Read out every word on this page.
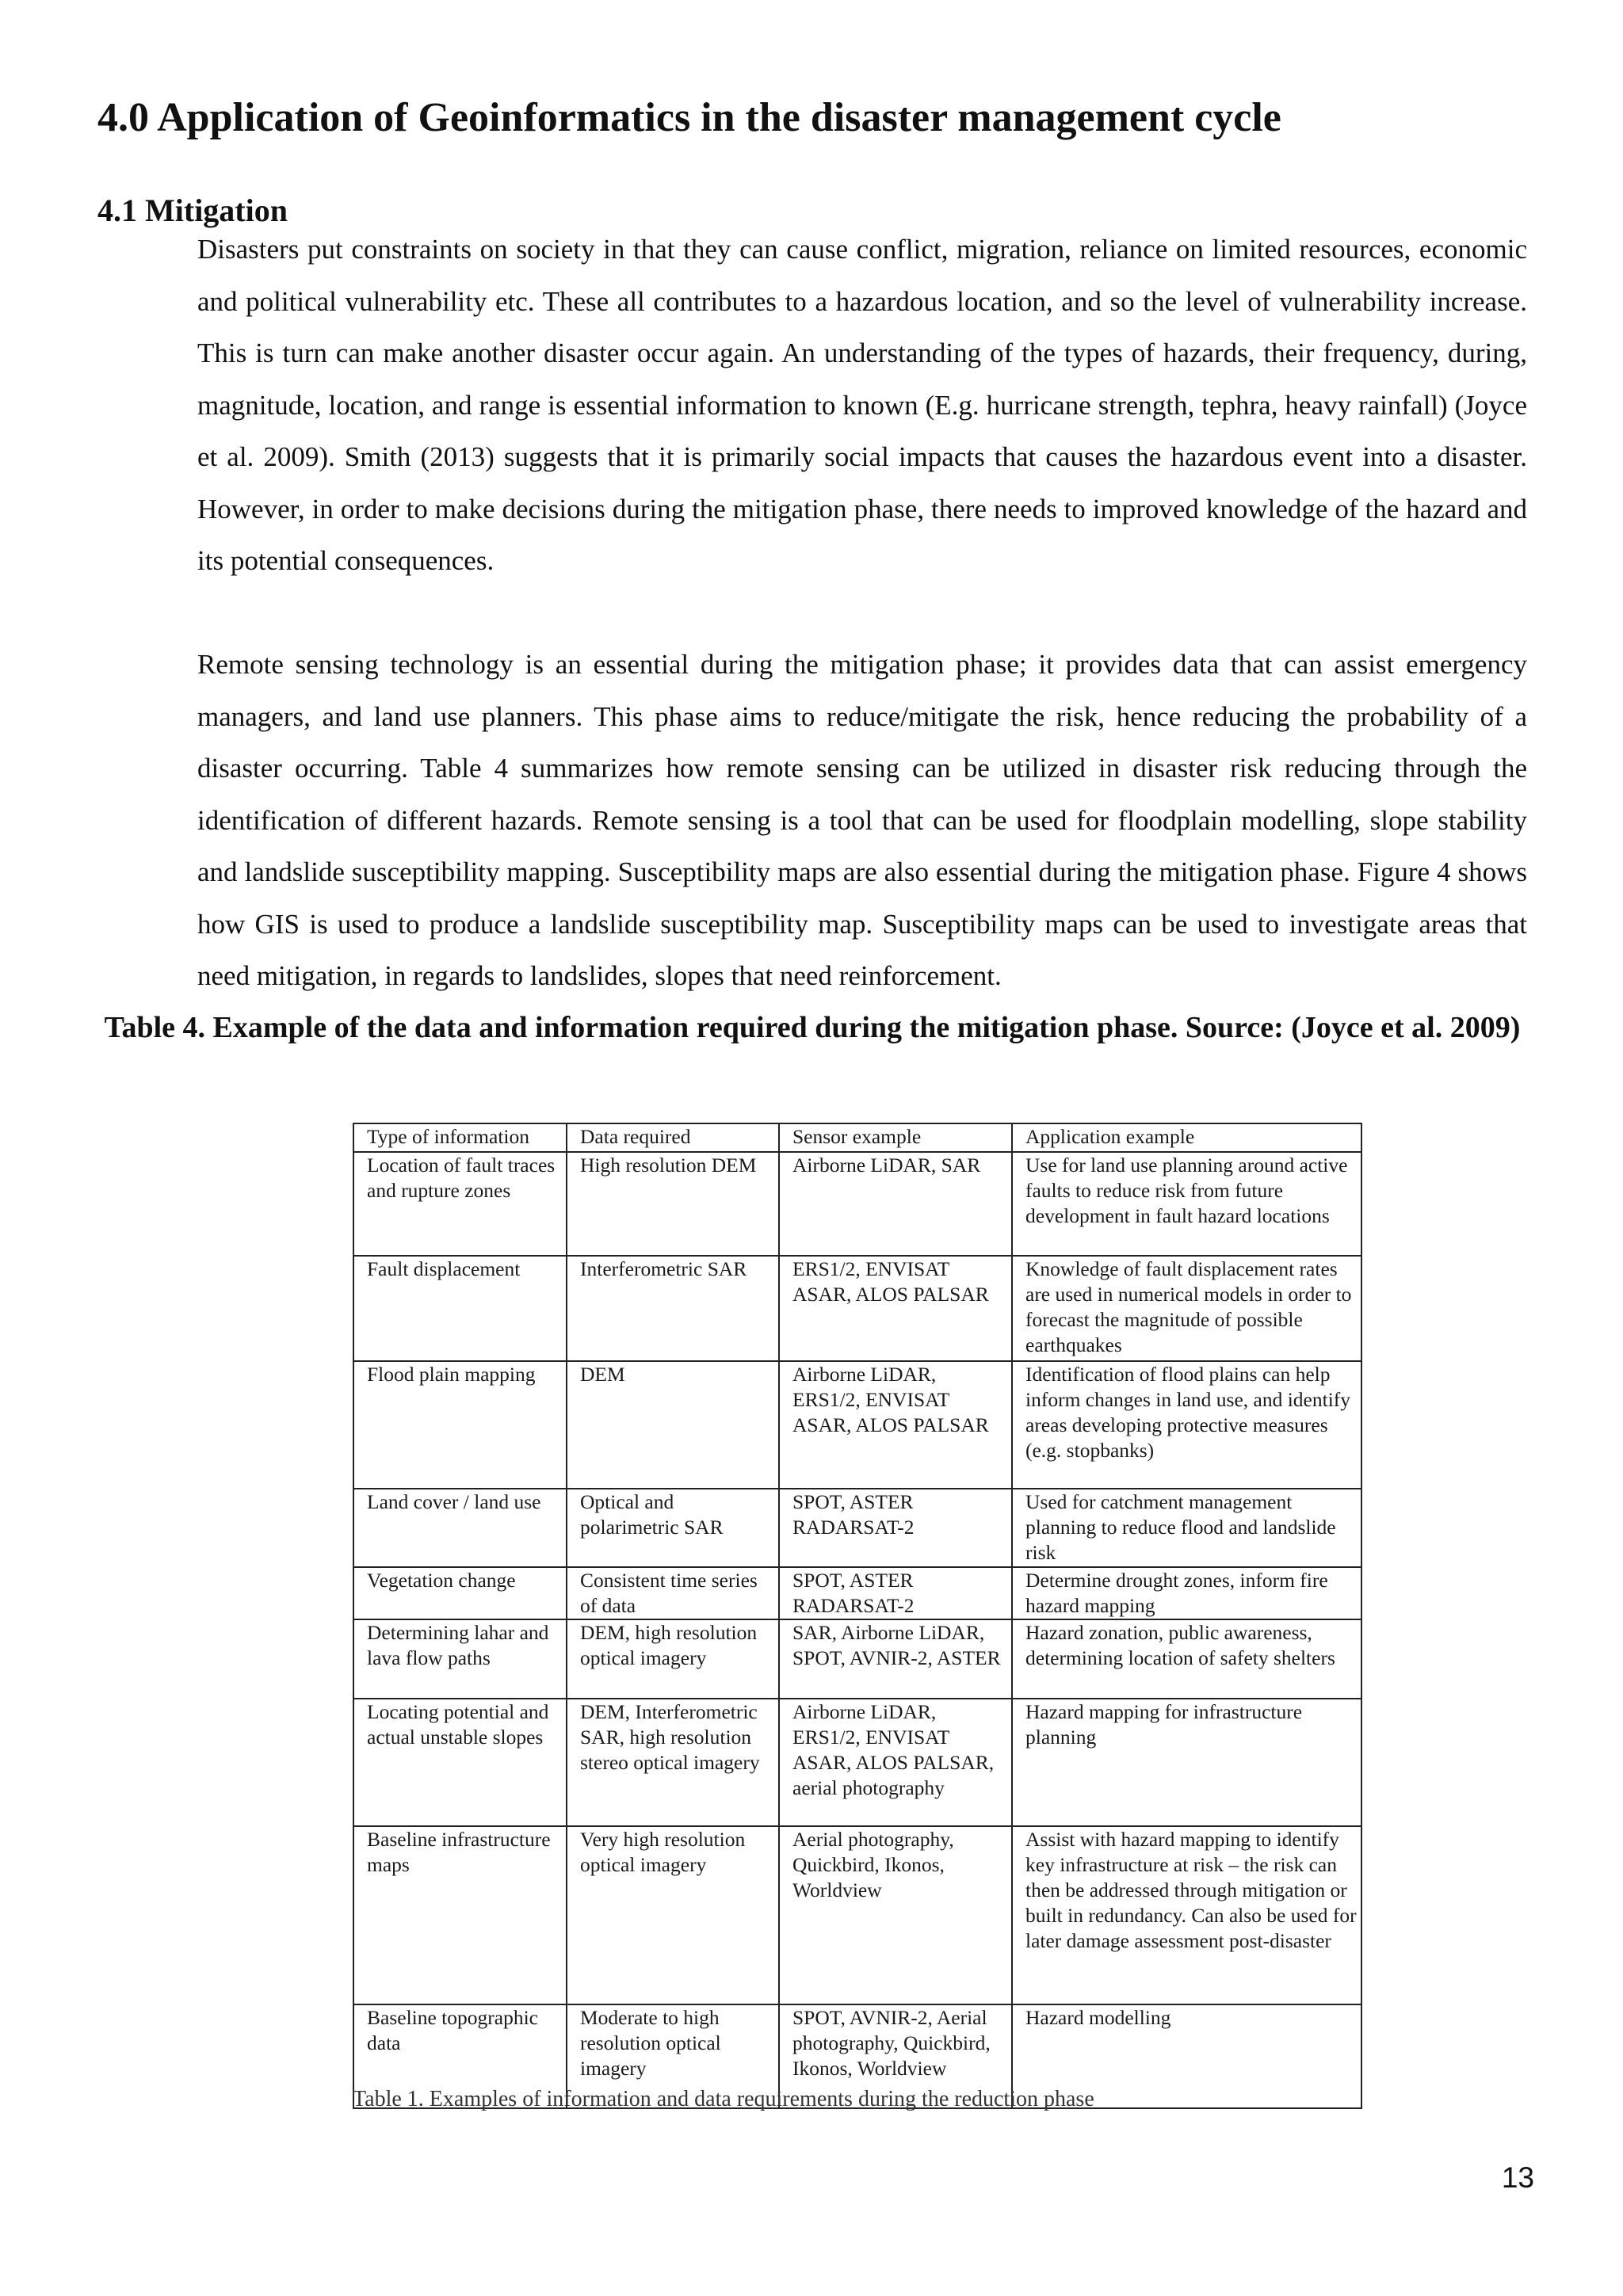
4.0 Application of Geoinformatics in the disaster management cycle
4.1 Mitigation

Disasters put constraints on society in that they can cause conflict, migration, reliance on limited resources, economic and political vulnerability etc. These all contributes to a hazardous location, and so the level of vulnerability increase. This is turn can make another disaster occur again. An understanding of the types of hazards, their frequency, during, magnitude, location, and range is essential information to known (E.g. hurricane strength, tephra, heavy rainfall) (Joyce et al. 2009). Smith (2013) suggests that it is primarily social impacts that causes the hazardous event into a disaster. However, in order to make decisions during the mitigation phase, there needs to improved knowledge of the hazard and its potential consequences.

Remote sensing technology is an essential during the mitigation phase; it provides data that can assist emergency managers, and land use planners. This phase aims to reduce/mitigate the risk, hence reducing the probability of a disaster occurring. Table 4 summarizes how remote sensing can be utilized in disaster risk reducing through the identification of different hazards. Remote sensing is a tool that can be used for floodplain modelling, slope stability and landslide susceptibility mapping. Susceptibility maps are also essential during the mitigation phase. Figure 4 shows how GIS is used to produce a landslide susceptibility map. Susceptibility maps can be used to investigate areas that need mitigation, in regards to landslides, slopes that need reinforcement.

Table 4. Example of the data and information required during the mitigation phase. Source: (Joyce et al. 2009)

Type of information	Data required	Sensor example	Application example
Location of fault traces and rupture zones	High resolution DEM	Airborne LiDAR, SAR	Use for land use planning around active faults to reduce risk from future development in fault hazard locations
Fault displacement	Interferometric SAR	ERS1/2, ENVISAT ASAR, ALOS PALSAR	Knowledge of fault displacement rates are used in numerical models in order to forecast the magnitude of possible earthquakes
Flood plain mapping	DEM	Airborne LiDAR, ERS1/2, ENVISAT ASAR, ALOS PALSAR	Identification of flood plains can help inform changes in land use, and identify areas developing protective measures (e.g. stopbanks)
Land cover / land use	Optical and polarimetric SAR	SPOT, ASTER RADARSAT-2	Used for catchment management planning to reduce flood and landslide risk
Vegetation change	Consistent time series of data	SPOT, ASTER RADARSAT-2	Determine drought zones, inform fire hazard mapping
Determining lahar and lava flow paths	DEM, high resolution optical imagery	SAR, Airborne LiDAR, SPOT, AVNIR-2, ASTER	Hazard zonation, public awareness, determining location of safety shelters
Locating potential and actual unstable slopes	DEM, Interferometric SAR, high resolution stereo optical imagery	Airborne LiDAR, ERS1/2, ENVISAT ASAR, ALOS PALSAR, aerial photography	Hazard mapping for infrastructure planning
Baseline infrastructure maps	Very high resolution optical imagery	Aerial photography, Quickbird, Ikonos, Worldview	Assist with hazard mapping to identify key infrastructure at risk – the risk can then be addressed through mitigation or built in redundancy. Can also be used for later damage assessment post-disaster
Baseline topographic data	Moderate to high resolution optical imagery	SPOT, AVNIR-2, Aerial photography, Quickbird, Ikonos, Worldview	Hazard modelling
Table 1. Examples of information and data requirements during the reduction phase
13
